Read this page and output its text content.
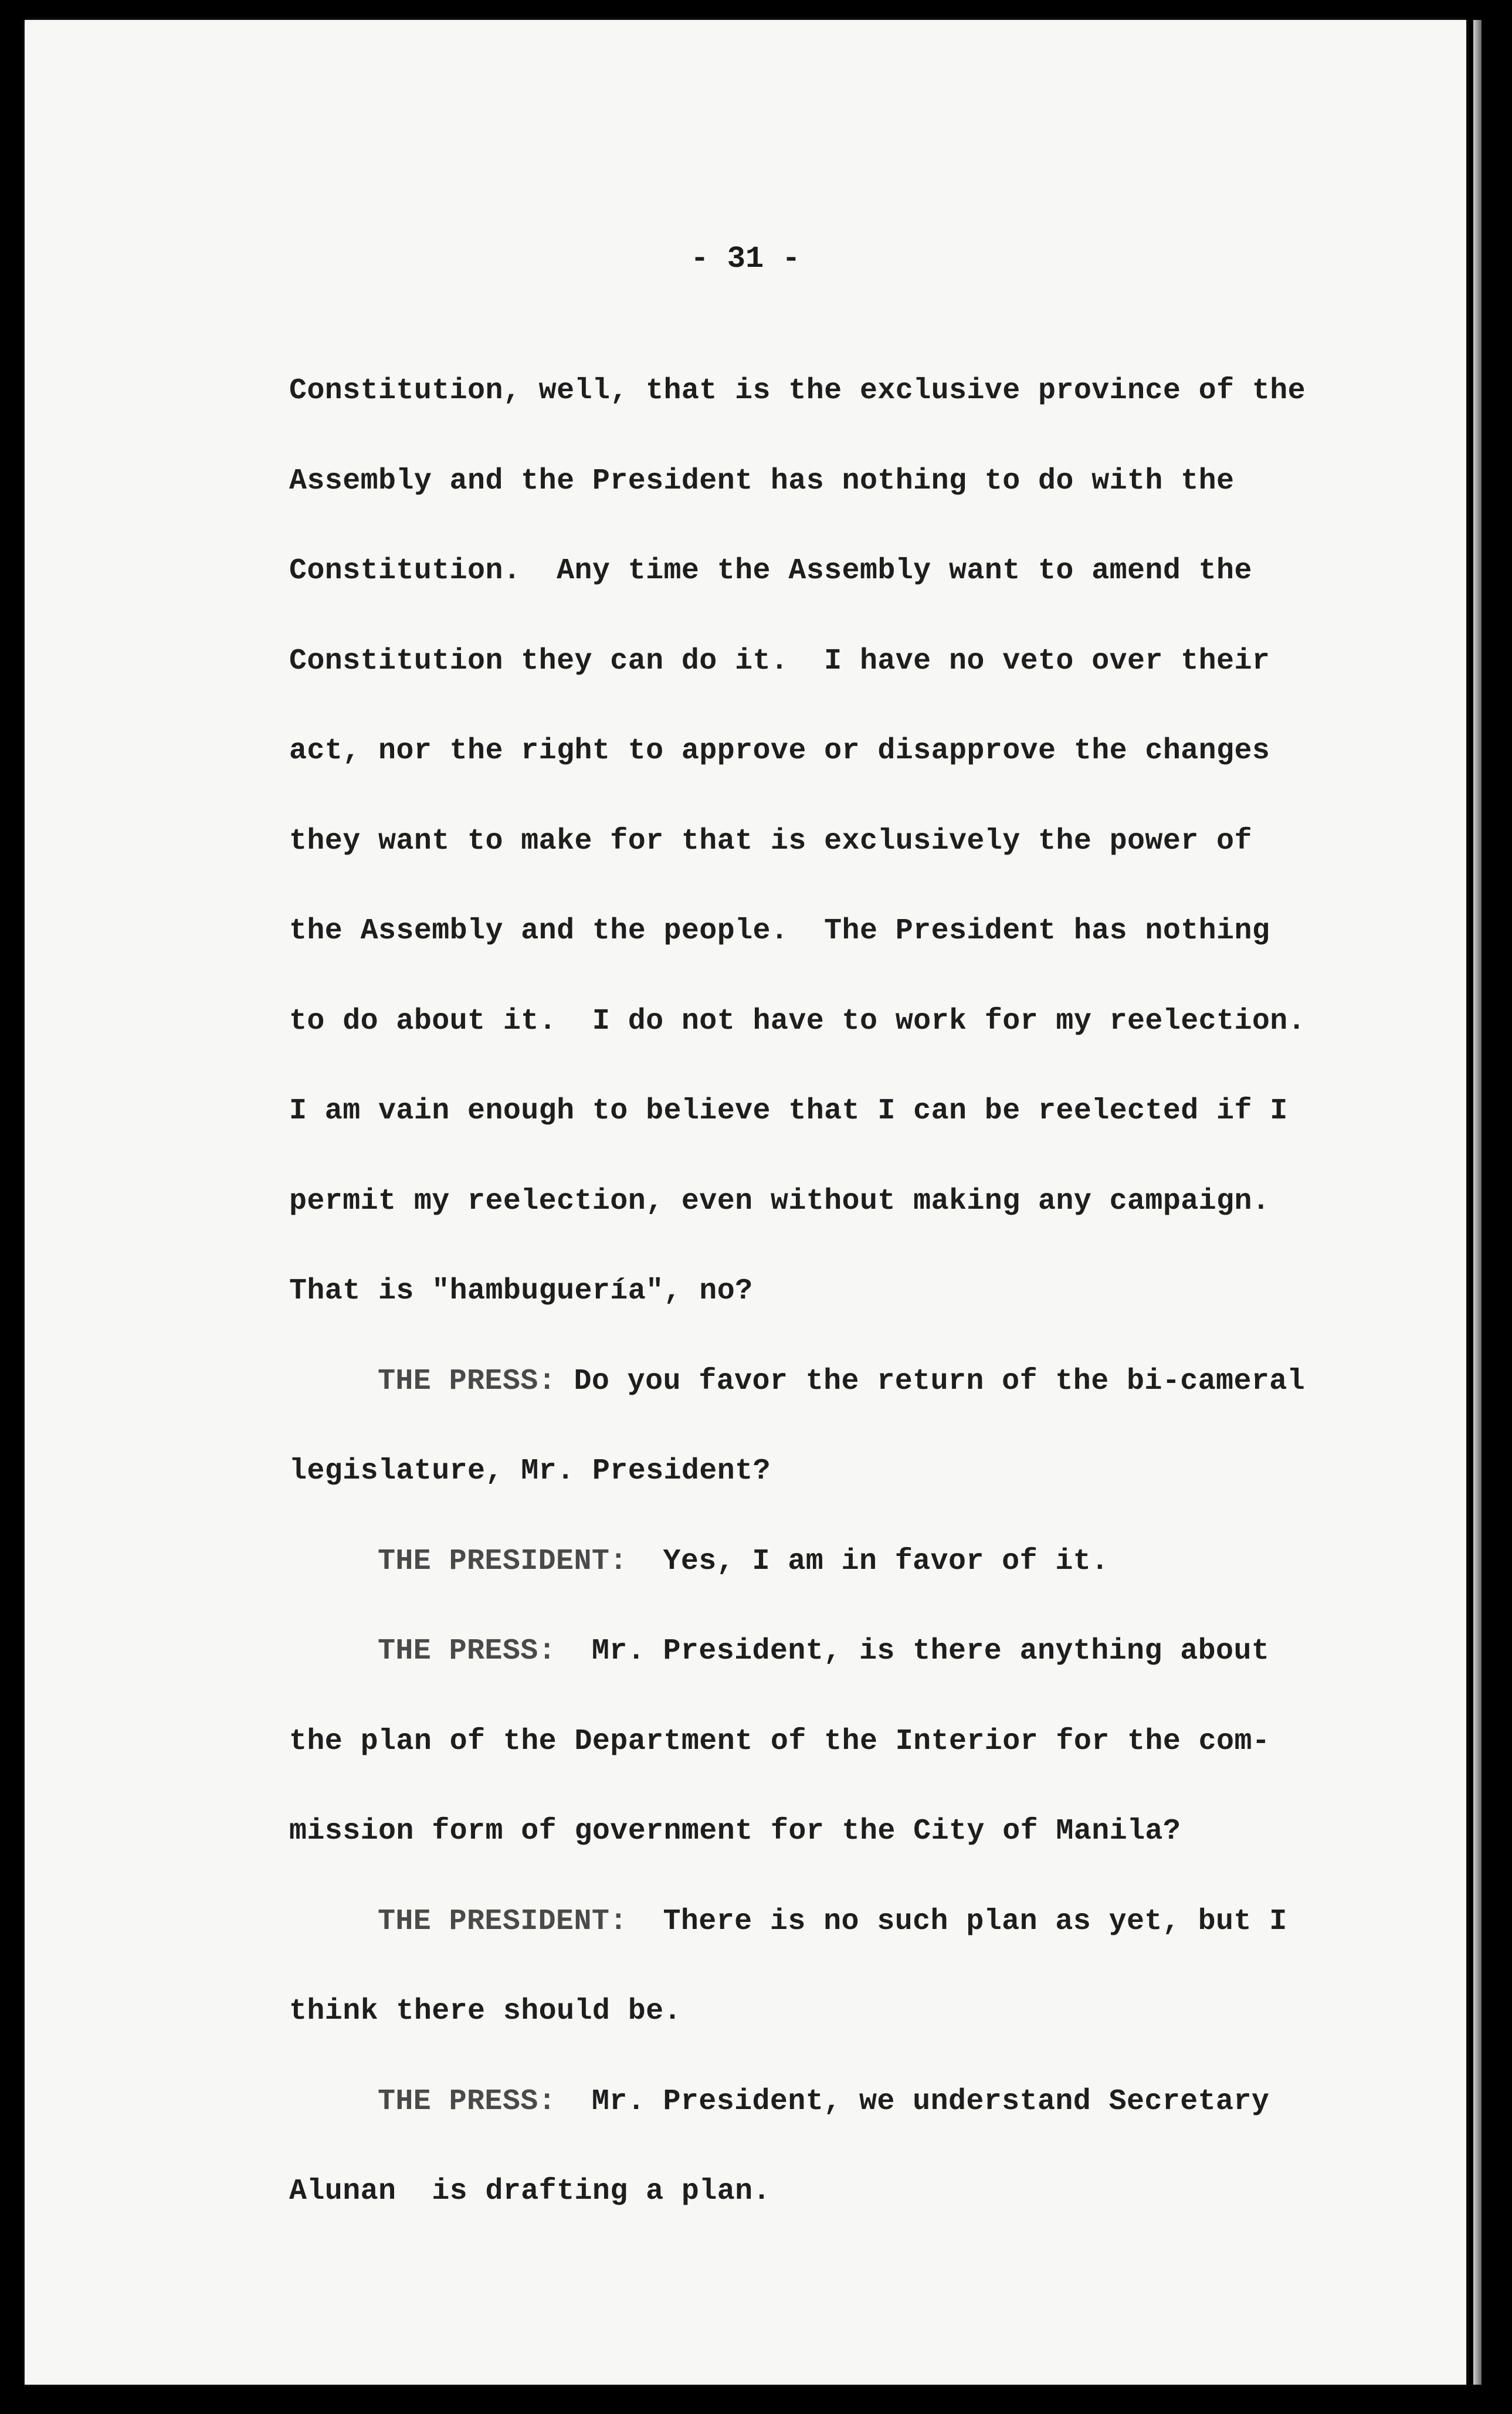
- 31 -
Constitution, well, that is the exclusive province of the
Assembly and the President has nothing to do with the
Constitution.  Any time the Assembly want to amend the
Constitution they can do it.  I have no veto over their
act, nor the right to approve or disapprove the changes
they want to make for that is exclusively the power of
the Assembly and the people.  The President has nothing
to do about it.  I do not have to work for my reelection.
I am vain enough to believe that I can be reelected if I
permit my reelection, even without making any campaign.
That is "hambuguería", no?
THE PRESS: Do you favor the return of the bi-cameral
legislature, Mr. President?
THE PRESIDENT: Yes, I am in favor of it.
THE PRESS: Mr. President, is there anything about
the plan of the Department of the Interior for the com-
mission form of government for the City of Manila?
THE PRESIDENT: There is no such plan as yet, but I
think there should be.
THE PRESS: Mr. President, we understand Secretary
Alunan  is drafting a plan.
